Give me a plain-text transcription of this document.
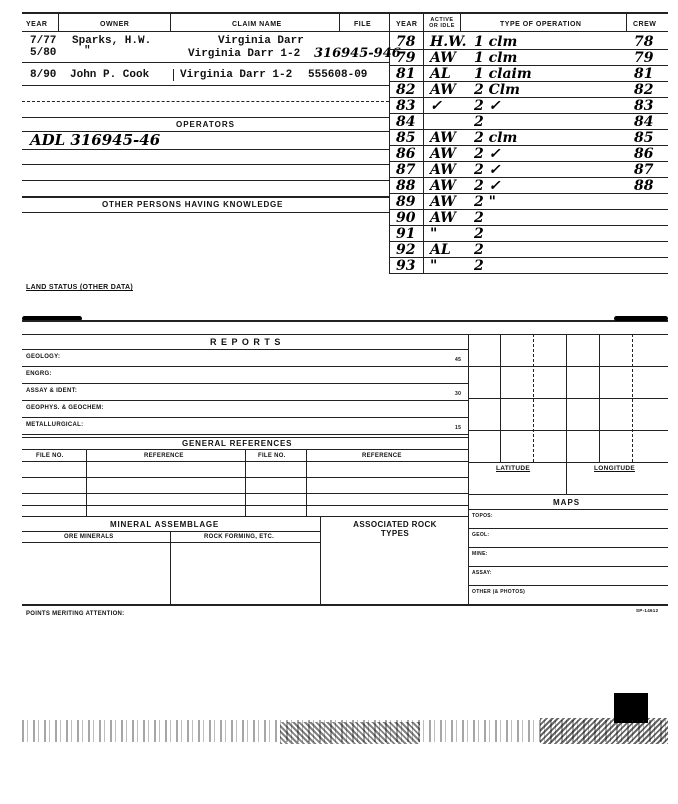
YEAR	OWNER	CLAIM NAME	FILE	YEAR
ACTIVE OR IDLE	TYPE OF OPERATION	CREW
7/77 Sparks, H.W.	Virginia Darr
5/80	"	Virginia Darr 1-2 316945-946
8/90 John P. Cook	Virginia Darr 1-2 555608-09
OPERATORS
ADL 316945-46
OTHER PERSONS HAVING KNOWLEDGE
78 H.W. 1 clm	78
79 AW 1 clm	79
81 AL 1 claim	81
82 AW 2 Clm	82
83 ✓ 2 ✓	83
84	2	84
85 AW 2 clm	85
86 AW 2 ✓	86
87 AW 2 ✓	87
88 AW 2 ✓	88
89 AW 2 "
90 AW 2
91 "	2
92 AL 2
93 "	2
LAND STATUS (OTHER DATA)
R E P O R T S
GEOLOGY:	45
ENGRG:
ASSAY & IDENT:	30
GEOPHYS. & GEOCHEM:
METALLURGICAL:	15
LATITUDE	LONGITUDE
GENERAL REFERENCES
FILE NO.	REFERENCE	FILE NO.	REFERENCE
MAPS
TOPOS:
GEOL:
MINE:
ASSAY:
OTHER (& PHOTOS)
MINERAL ASSEMBLAGE	ASSOCIATED ROCK TYPES
ORE MINERALS	ROCK FORMING, ETC.
POINTS MERITING ATTENTION:
SP-14612
